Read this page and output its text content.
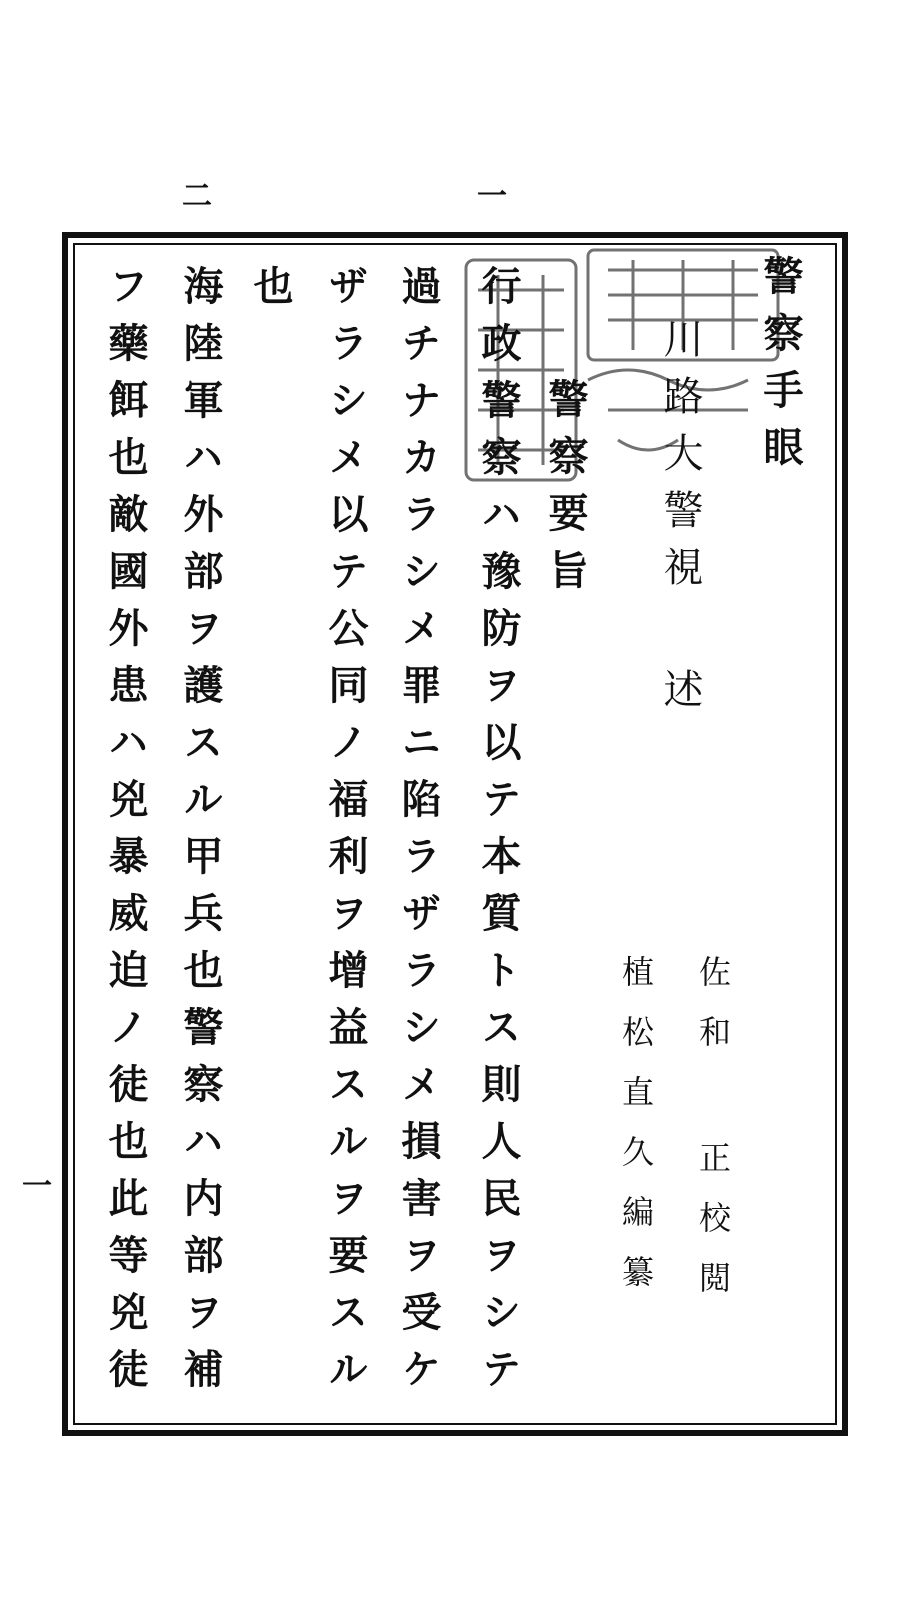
一
二
一
警察手眼
川路大警視
述
佐和 正校閲
植松直久編纂
警察要旨
行政警察ハ豫防ヲ以テ本質トス則人民ヲシテ
過チナカラシメ罪ニ陷ラザラシメ損害ヲ受ケ
ザラシメ以テ公同ノ福利ヲ增益スルヲ要スル
也
海陸軍ハ外部ヲ護スル甲兵也警察ハ内部ヲ補
フ藥餌也敵國外患ハ兇暴威迫ノ徒也此等兇徒
